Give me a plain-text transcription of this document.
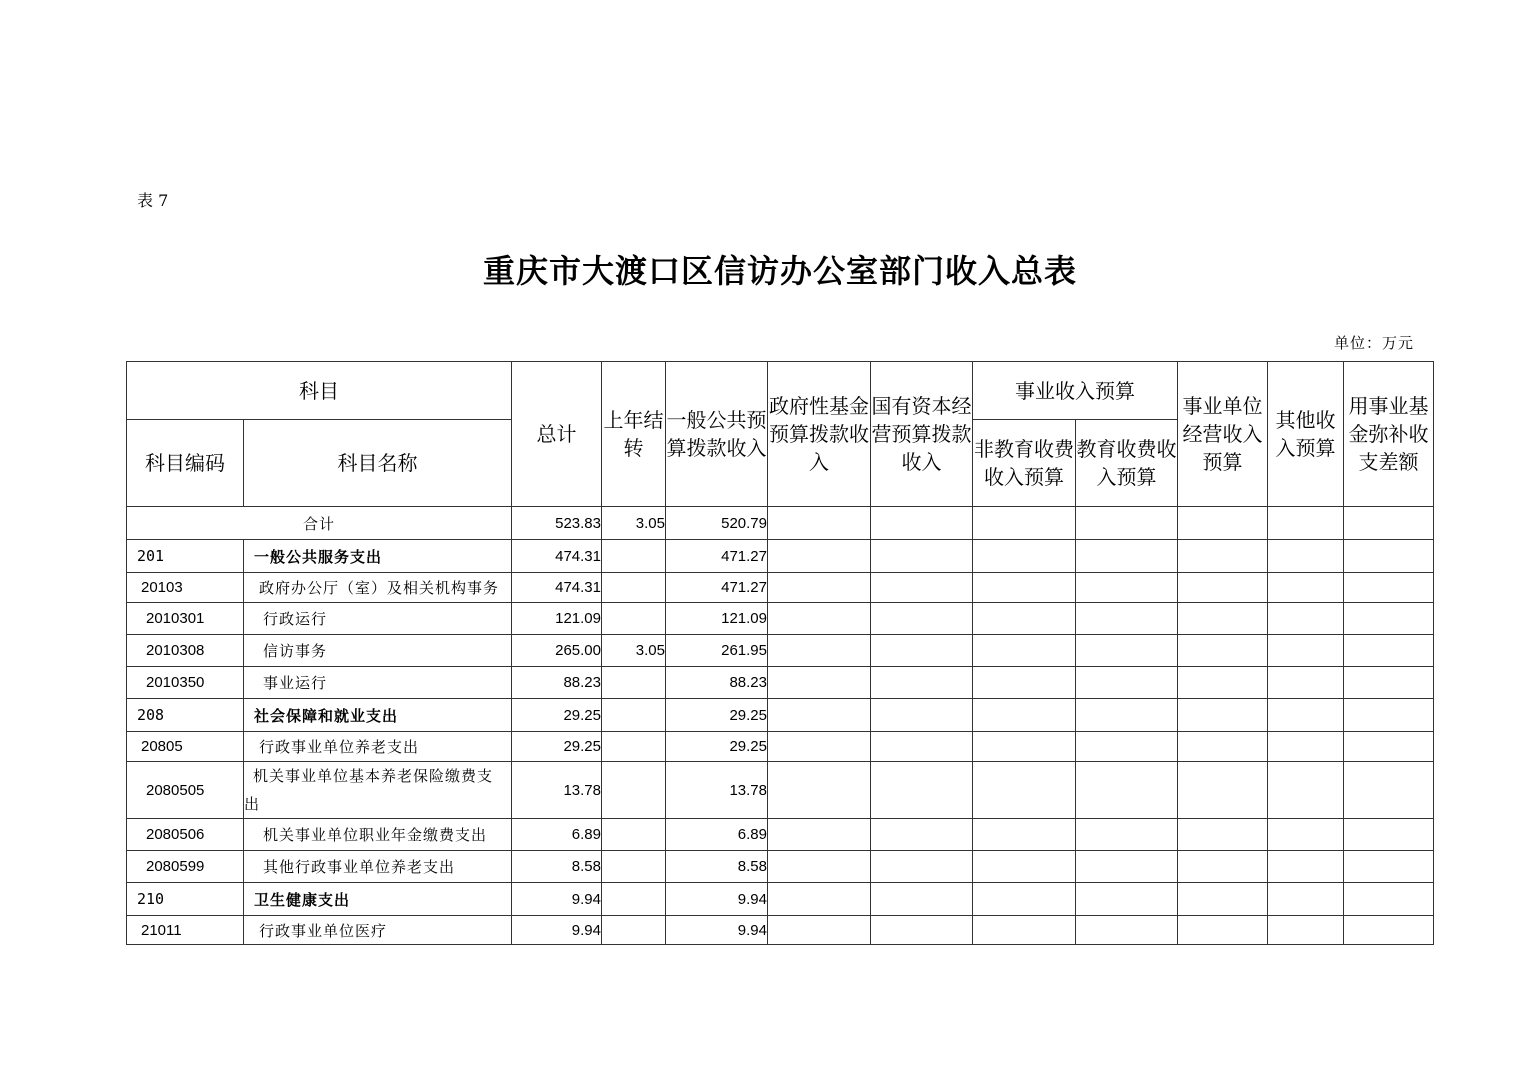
表 7
重庆市大渡口区信访办公室部门收入总表
单位：万元
科目		总计	上年结转	一般公共预算拨款收入	政府性基金预算拨款收入	国有资本经营预算拨款收入	事业收入预算		事业单位经营收入预算	其他收入预算	用事业基金弥补收支差额
科目编码	科目名称						非教育收费收入预算	教育收费收入预算			
合计		523.83	3.05	520.79							
201	一般公共服务支出	474.31		471.27							
20103	政府办公厅（室）及相关机构事务	474.31		471.27							
2010301	行政运行	121.09		121.09							
2010308	信访事务	265.00	3.05	261.95							
2010350	事业运行	88.23		88.23							
208	社会保障和就业支出	29.25		29.25							
20805	行政事业单位养老支出	29.25		29.25							
2080505	机关事业单位基本养老保险缴费支出	13.78		13.78							
2080506	机关事业单位职业年金缴费支出	6.89		6.89							
2080599	其他行政事业单位养老支出	8.58		8.58							
210	卫生健康支出	9.94		9.94							
21011	行政事业单位医疗	9.94		9.94							
